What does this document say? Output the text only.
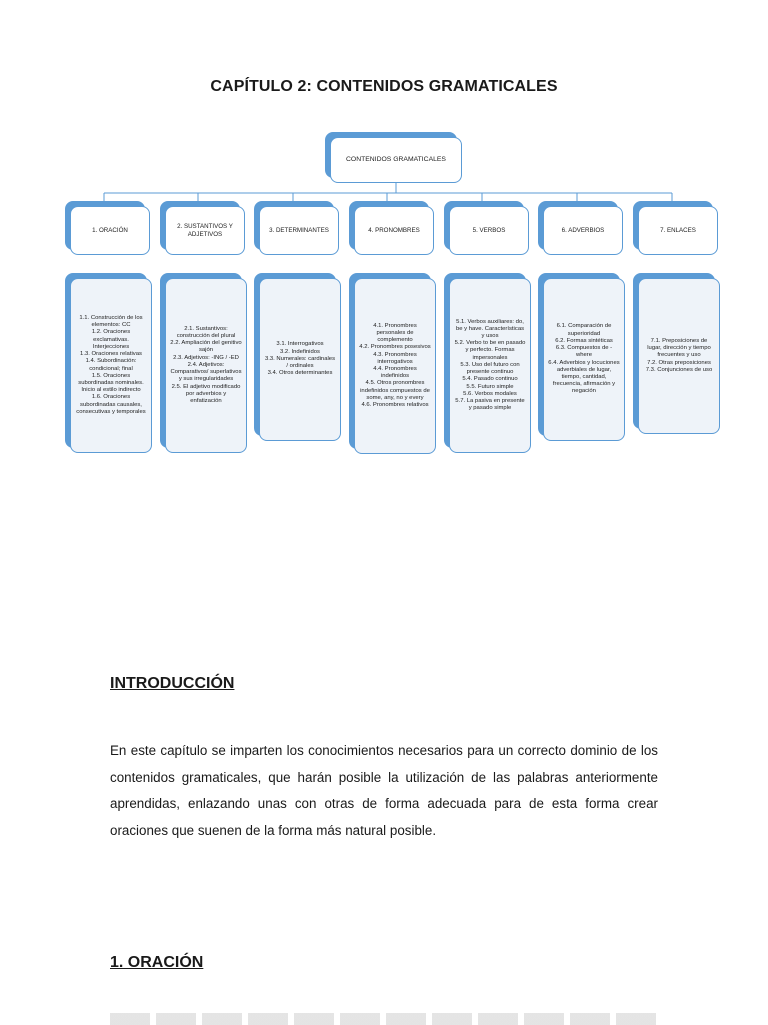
CAPÍTULO 2: CONTENIDOS GRAMATICALES
CONTENIDOS GRAMATICALES
1. ORACIÓN
1.1. Construcción de los elementos: CC
1.2. Oraciones exclamativas. Interjecciones
1.3. Oraciones relativas
1.4. Subordinación: condicional; final
1.5. Oraciones subordinadas nominales. Inicio al estilo indirecto
1.6. Oraciones subordinadas causales, consecutivas y temporales
2. SUSTANTIVOS Y ADJETIVOS
2.1. Sustantivos: construcción del plural
2.2. Ampliación del genitivo sajón
2.3. Adjetivos: -ING / -ED
2.4. Adjetivos: Comparativos/ superlativos y sus irregularidades
2.5. El adjetivo modificado por adverbios y enfatización
3. DETERMINANTES
3.1. Interrogativos
3.2. Indefinidos
3.3. Numerales: cardinales / ordinales
3.4. Otros determinantes
4. PRONOMBRES
4.1. Pronombres personales de complemento
4.2. Pronombres posesivos
4.3. Pronombres interrogativos
4.4. Pronombres indefinidos
4.5. Otros pronombres indefinidos compuestos de some, any, no y every
4.6. Pronombres relativos
5. VERBOS
5.1. Verbos auxiliares: do, be y have. Características y usos
5.2. Verbo to be en pasado y perfecto. Formas impersonales
5.3. Uso del futuro con presente continuo
5.4. Pasado continuo
5.5. Futuro simple
5.6. Verbos modales
5.7. La pasiva en presente y pasado simple
6. ADVERBIOS
6.1. Comparación de superioridad
6.2. Formas sintéticas
6.3. Compuestos de - where
6.4. Adverbios y locuciones adverbiales de lugar, tiempo, cantidad, frecuencia, afirmación y negación
7. ENLACES
7.1. Preposiciones de lugar, dirección y tiempo frecuentes y uso
7.2. Otras preposiciones
7.3. Conjunciones de uso
INTRODUCCIÓN

En este capítulo se imparten los conocimientos necesarios para un correcto dominio de los contenidos gramaticales, que harán posible la utilización de las palabras anteriormente aprendidas, enlazando unas con otras de forma adecuada para de esta forma crear oraciones que suenen de la forma más natural posible.

1. ORACIÓN
